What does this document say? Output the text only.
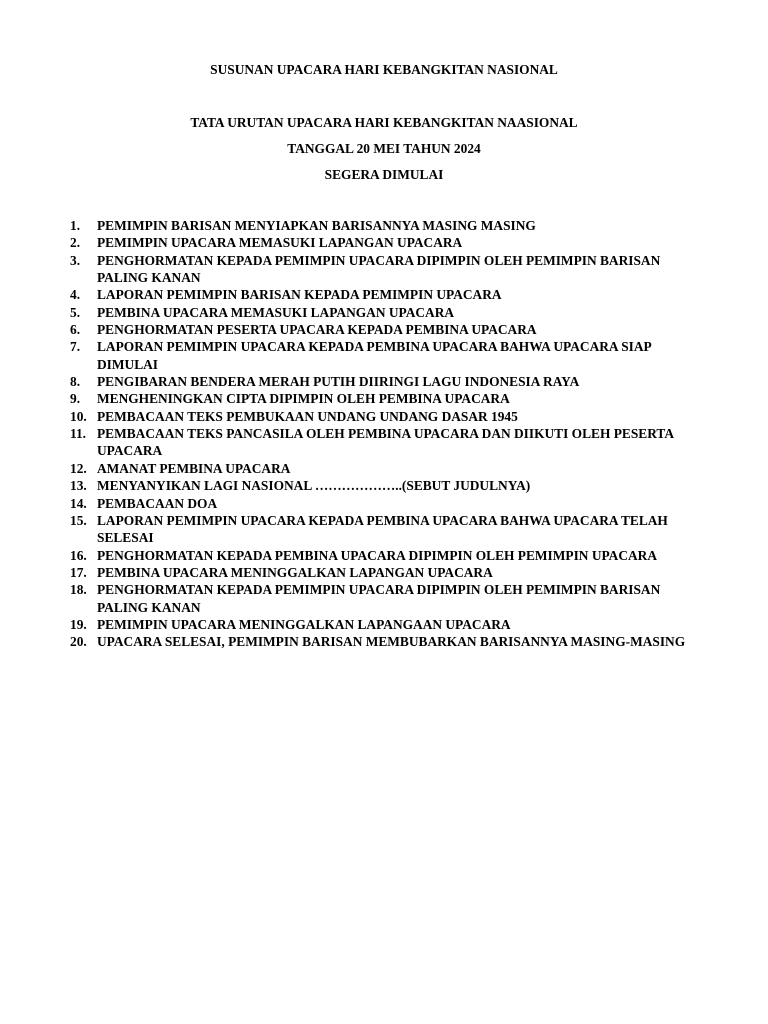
SUSUNAN UPACARA HARI KEBANGKITAN NASIONAL
TATA URUTAN UPACARA HARI KEBANGKITAN NAASIONAL
TANGGAL 20 MEI TAHUN 2024
SEGERA DIMULAI
1. PEMIMPIN BARISAN MENYIAPKAN BARISANNYA MASING MASING
2. PEMIMPIN UPACARA MEMASUKI LAPANGAN UPACARA
3. PENGHORMATAN KEPADA PEMIMPIN UPACARA DIPIMPIN OLEH PEMIMPIN BARISAN PALING KANAN
4. LAPORAN PEMIMPIN BARISAN KEPADA PEMIMPIN UPACARA
5. PEMBINA UPACARA MEMASUKI LAPANGAN UPACARA
6. PENGHORMATAN PESERTA UPACARA KEPADA PEMBINA UPACARA
7. LAPORAN PEMIMPIN UPACARA KEPADA PEMBINA UPACARA BAHWA UPACARA SIAP DIMULAI
8. PENGIBARAN BENDERA MERAH PUTIH DIIRINGI LAGU INDONESIA RAYA
9. MENGHENINGKAN CIPTA DIPIMPIN OLEH PEMBINA UPACARA
10. PEMBACAAN TEKS PEMBUKAAN UNDANG UNDANG DASAR 1945
11. PEMBACAAN TEKS PANCASILA OLEH PEMBINA UPACARA DAN DIIKUTI OLEH PESERTA UPACARA
12. AMANAT PEMBINA UPACARA
13. MENYANYIKAN LAGI NASIONAL ………………..(SEBUT JUDULNYA)
14. PEMBACAAN DOA
15. LAPORAN PEMIMPIN UPACARA KEPADA PEMBINA UPACARA BAHWA UPACARA TELAH SELESAI
16. PENGHORMATAN KEPADA PEMBINA UPACARA DIPIMPIN OLEH PEMIMPIN UPACARA
17. PEMBINA UPACARA MENINGGALKAN LAPANGAN UPACARA
18. PENGHORMATAN KEPADA PEMIMPIN UPACARA DIPIMPIN OLEH PEMIMPIN BARISAN PALING KANAN
19. PEMIMPIN UPACARA MENINGGALKAN LAPANGAAN UPACARA
20. UPACARA SELESAI, PEMIMPIN BARISAN MEMBUBARKAN BARISANNYA MASING-MASING
